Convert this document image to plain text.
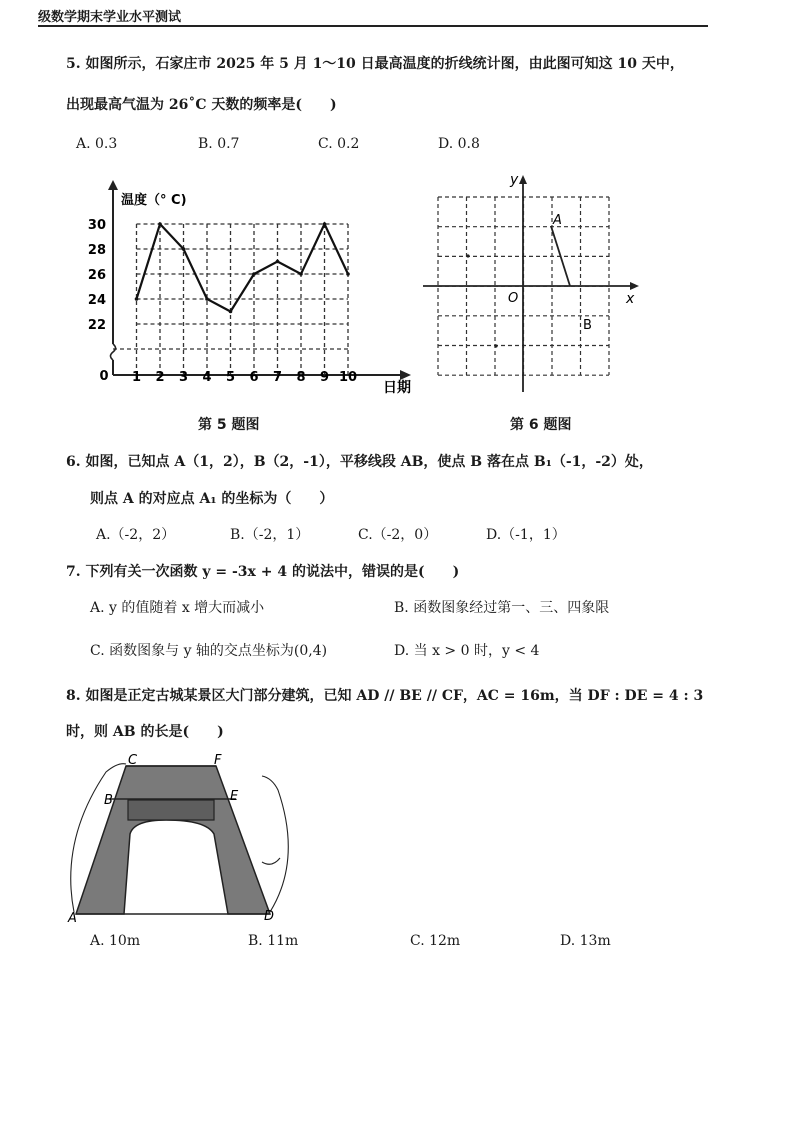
级数学期末学业水平测试
5. 如图所示，石家庄市 2025 年 5 月 1～10 日最高温度的折线统计图，由此图可知这 10 天中，
出现最高气温为 26˚C 天数的频率是(　　)
A. 0.3	B. 0.7	C. 0.2	D. 0.8
22
24
26
28
30
1 2 3 4 5 6 7 8 9 10
温度（° C)
日期
0
x
y
O
A
B
第 5 题图	第 6 题图
6. 如图，已知点 A（1，2），B（2，-1），平移线段 AB，使点 B 落在点 B₁（-1，-2）处，
则点 A 的对应点 A₁ 的坐标为（　　）
A.（-2，2）	B.（-2，1）	C.（-2，0）	D.（-1，1）
7. 下列有关一次函数 y = -3x + 4 的说法中，错误的是(　　)
A. y 的值随着 x 增大而减小	B. 函数图象经过第一、三、四象限
C. 函数图象与 y 轴的交点坐标为(0,4)	D. 当 x > 0 时，y < 4
8. 如图是正定古城某景区大门部分建筑，已知 AD // BE // CF，AC = 16m，当 DF : DE = 4 : 3
时，则 AB 的长是(　　)
A
B
C
D
E
F
A. 10m	B. 11m	C. 12m	D. 13m
